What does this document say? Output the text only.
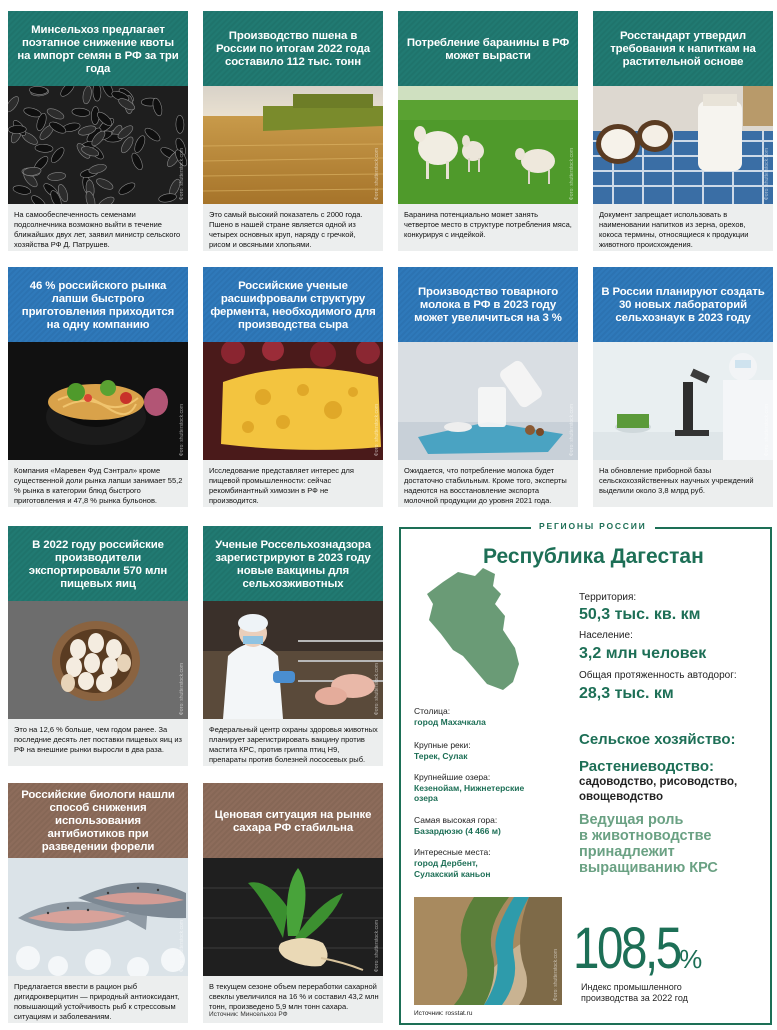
Минсельхоз предлагает поэтапное снижение квоты на импорт семян в РФ за три года
Фото: shutterstock.com
На самообеспеченность семенами подсолнечника возможно выйти в течение ближайших двух лет, заявил министр сельского хозяйства РФ Д. Патрушев.
Производство пшена в России по итогам 2022 года составило 112 тыс. тонн
Фото: shutterstock.com
Это самый высокий показатель с 2000 года. Пшено в нашей стране является одной из четырех основных круп, наряду с гречкой, рисом и овсяными хлопьями.
Потребление баранины в РФ может вырасти
Фото: shutterstock.com
Баранина потенциально может занять четвертое место в структуре потребления мяса, конкурируя с индейкой.
Росстандарт утвердил требования к напиткам на растительной основе
Фото: shutterstock.com
Документ запрещает использовать в наименовании напитков из зерна, орехов, кокоса термины, относящиеся к продукции животного происхождения.
46 % российского рынка лапши быстрого приготовления приходится на одну компанию
Фото: shutterstock.com
Компания «Маревен Фуд Сэнтрал» кроме существенной доли рынка лапши занимает 55,2 % рынка в категории блюд быстрого приготовления и 47,8 % рынка бульонов.
Российские ученые расшифровали структуру фермента, необходимого для производства сыра
Фото: shutterstock.com
Исследование представляет интерес для пищевой промышленности: сейчас рекомбинантный химозин в РФ не производится.
Производство товарного молока в РФ в 2023 году может увеличиться на 3 %
Фото: shutterstock.com
Ожидается, что потребление молока будет достаточно стабильным. Кроме того, эксперты надеются на восстановление экспорта молочной продукции до уровня 2021 года.
В России планируют создать 30 новых лабораторий сельхознаук в 2023 году
Фото: shutterstock.com
На обновление приборной базы сельскохозяйственных научных учреждений выделили около 3,8 млрд руб.
В 2022 году российские производители экспортировали 570 млн пищевых яиц
Фото: shutterstock.com
Это на 12,6 % больше, чем годом ранее. За последние десять лет поставки пищевых яиц из РФ на внешние рынки выросли в два раза.
Ученые Россельхознадзора зарегистрируют в 2023 году новые вакцины для сельхозживотных
Фото: shutterstock.com
Федеральный центр охраны здоровья животных планирует зарегистрировать вакцину против мастита КРС, против гриппа птиц H9, препараты против болезней лососевых рыб.
Российские биологи нашли способ снижения использования антибиотиков при разведении форели
Фото: shutterstock.com
Предлагается ввести в рацион рыб дигидрокверцитин — природный антиоксидант, повышающий устойчивость рыб к стрессовым ситуациям и заболеваниям.
Ценовая ситуация на рынке сахара РФ стабильна
Фото: shutterstock.com
В текущем сезоне объем переработки сахарной свеклы увеличился на 16 % и составил 43,2 млн тонн, произведено 5,9 млн тонн сахара.
Источник: Минсельхоз РФ
РЕГИОНЫ РОССИИ
Республика Дагестан
Территория:
50,3 тыс. кв. км
Население:
3,2 млн человек
Общая протяженность автодорог:
28,3 тыс. км
Столица:
город Махачкала
Крупные реки:
Терек, Сулак
Крупнейшие озера:
Кезенойам, Нижнетерские
озера
Самая высокая гора:
Базардюзю (4 466 м)
Интересные места:
город Дербент,
Сулакский каньон
Сельское хозяйство:
Растениеводство:
садоводство, рисоводство,
овощеводство
Ведущая роль
в животноводстве
принадлежит
выращиванию КРС
Фото: shutterstock.com
Источник: rosstat.ru
108,5%
Индекс промышленного
производства за 2022 год
